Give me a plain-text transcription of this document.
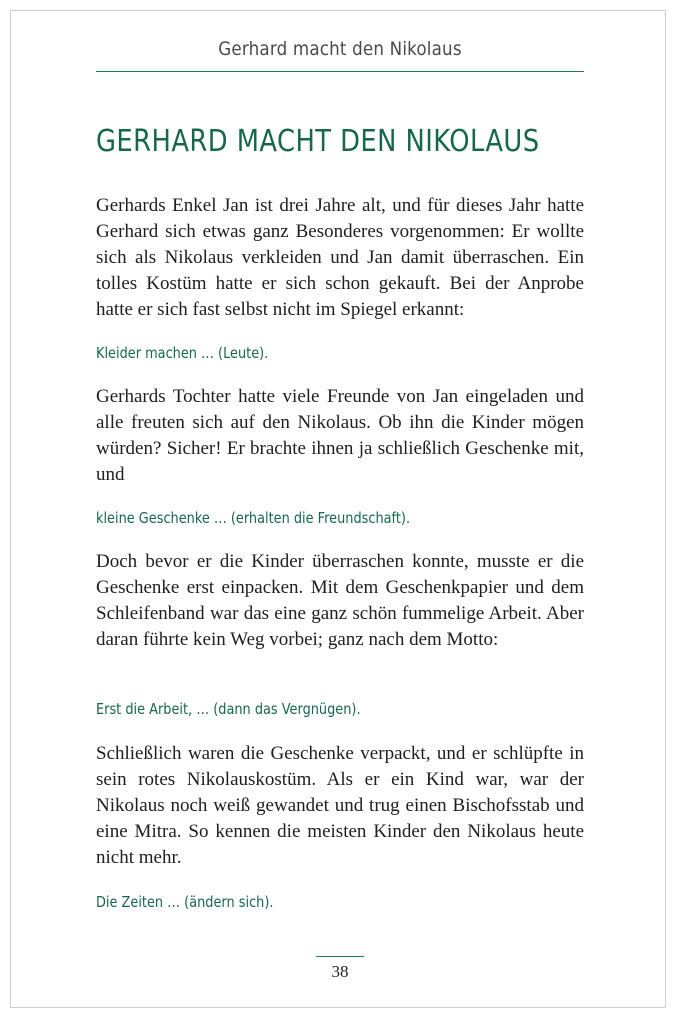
Gerhard macht den Nikolaus
GERHARD MACHT DEN NIKOLAUS

Gerhards Enkel Jan ist drei Jahre alt, und für dieses Jahr hatte Gerhard sich etwas ganz Besonderes vorgenommen: Er wollte sich als Nikolaus verkleiden und Jan damit überraschen. Ein tolles Kostüm hatte er sich schon gekauft. Bei der Anprobe hatte er sich fast selbst nicht im Spiegel erkannt:

Kleider machen … (Leute).

Gerhards Tochter hatte viele Freunde von Jan eingeladen und alle freuten sich auf den Nikolaus. Ob ihn die Kinder mögen würden? Sicher! Er brachte ihnen ja schließlich Geschenke mit, und

kleine Geschenke … (erhalten die Freundschaft).

Doch bevor er die Kinder überraschen konnte, musste er die Geschenke erst einpacken. Mit dem Geschenkpapier und dem Schleifenband war das eine ganz schön fummelige Arbeit. Aber daran führte kein Weg vorbei; ganz nach dem Motto:

Erst die Arbeit, … (dann das Vergnügen).

Schließlich waren die Geschenke verpackt, und er schlüpfte in sein rotes Nikolauskostüm. Als er ein Kind war, war der Nikolaus noch weiß gewandet und trug einen Bischofsstab und eine Mitra. So kennen die meisten Kinder den Nikolaus heute nicht mehr.

Die Zeiten … (ändern sich).

38
